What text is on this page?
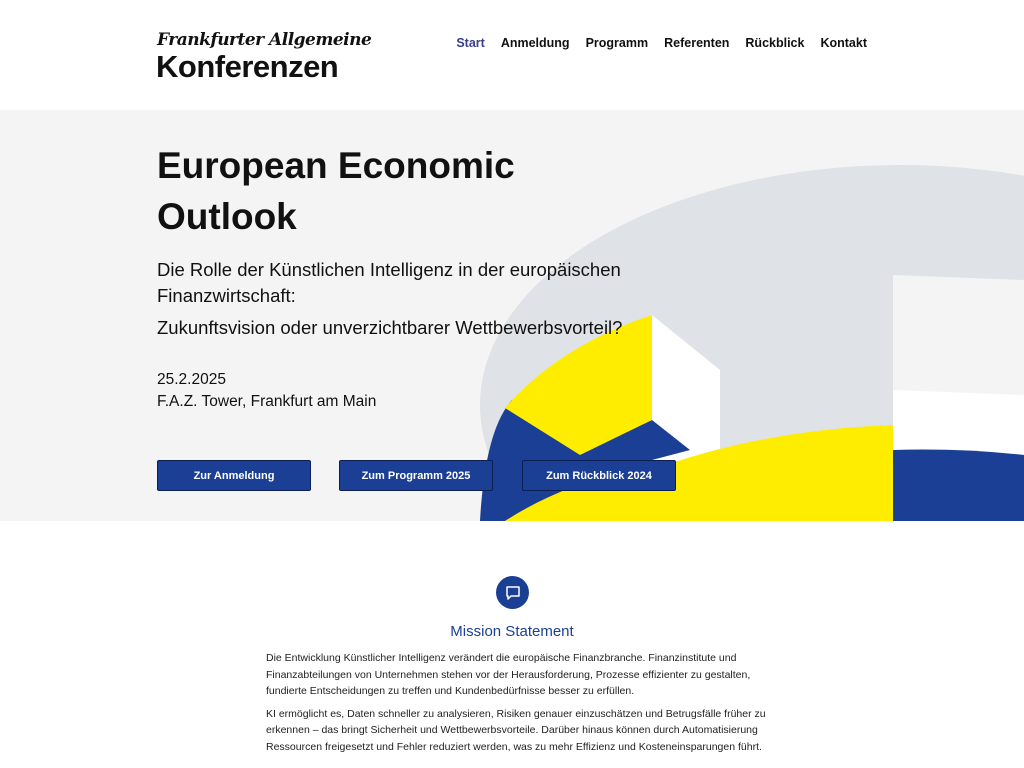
Frankfurter Allgemeine
Konferenzen
Start Anmeldung Programm Referenten Rückblick Kontakt
European Economic Outlook
Die Rolle der Künstlichen Intelligenz in der europäischen Finanzwirtschaft:
Zukunftsvision oder unverzichtbarer Wettbewerbsvorteil?
25.2.2025
F.A.Z. Tower, Frankfurt am Main
Zur Anmeldung	Zum Programm 2025	Zum Rückblick 2024
Mission Statement

Die Entwicklung Künstlicher Intelligenz verändert die europäische Finanzbranche. Finanzinstitute und Finanzabteilungen von Unternehmen stehen vor der Herausforderung, Prozesse effizienter zu gestalten, fundierte Entscheidungen zu treffen und Kundenbedürfnisse besser zu erfüllen.

KI ermöglicht es, Daten schneller zu analysieren, Risiken genauer einzuschätzen und Betrugsfälle früher zu erkennen – das bringt Sicherheit und Wettbewerbsvorteile. Darüber hinaus können durch Automatisierung Ressourcen freigesetzt und Fehler reduziert werden, was zu mehr Effizienz und Kosteneinsparungen führt.
